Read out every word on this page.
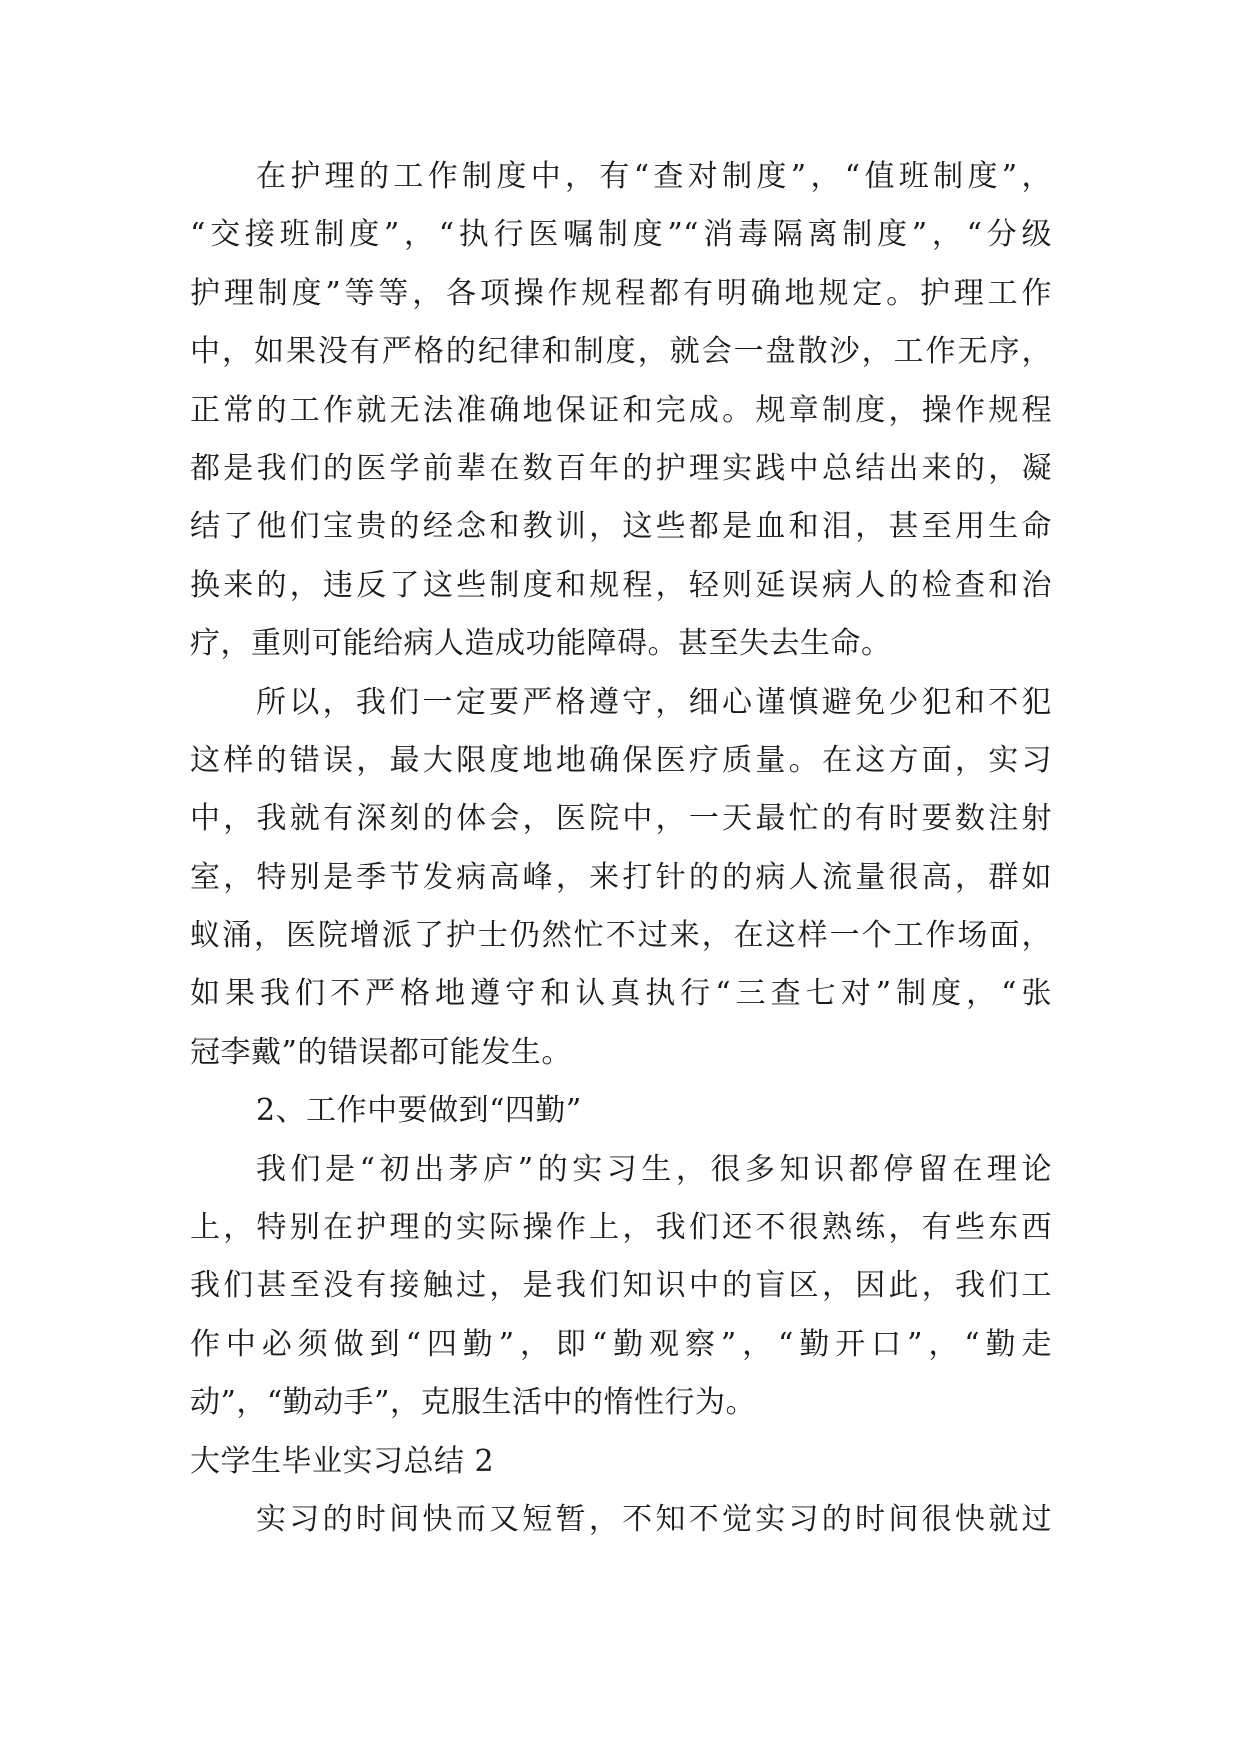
在护理的工作制度中，有“查对制度”，“值班制度”，
“交接班制度”，“执行医嘱制度”“消毒隔离制度”，“分级
护理制度”等等，各项操作规程都有明确地规定。护理工作
中，如果没有严格的纪律和制度，就会一盘散沙，工作无序，
正常的工作就无法准确地保证和完成。规章制度，操作规程
都是我们的医学前辈在数百年的护理实践中总结出来的，凝
结了他们宝贵的经念和教训，这些都是血和泪，甚至用生命
换来的，违反了这些制度和规程，轻则延误病人的检查和治
疗，重则可能给病人造成功能障碍。甚至失去生命。
所以，我们一定要严格遵守，细心谨慎避免少犯和不犯
这样的错误，最大限度地地确保医疗质量。在这方面，实习
中，我就有深刻的体会，医院中，一天最忙的有时要数注射
室，特别是季节发病高峰，来打针的的病人流量很高，群如
蚁涌，医院增派了护士仍然忙不过来，在这样一个工作场面，
如果我们不严格地遵守和认真执行“三查七对”制度，“张
冠李戴”的错误都可能发生。
2、工作中要做到“四勤”
我们是“初出茅庐”的实习生，很多知识都停留在理论
上，特别在护理的实际操作上，我们还不很熟练，有些东西
我们甚至没有接触过，是我们知识中的盲区，因此，我们工
作中必须做到“四勤”，即“勤观察”，“勤开口”，“勤走
动”，“勤动手”，克服生活中的惰性行为。
大学生毕业实习总结 2
实习的时间快而又短暂，不知不觉实习的时间很快就过
